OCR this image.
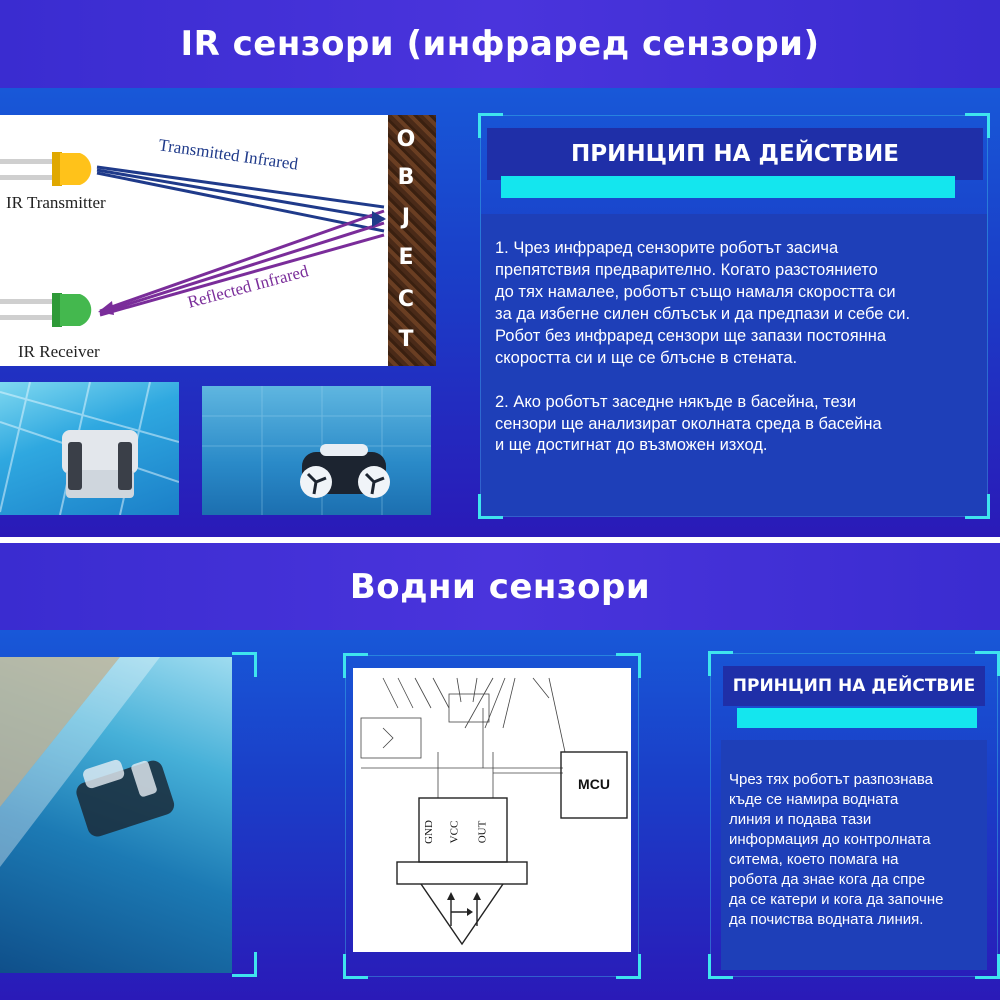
IR сензори (инфраред сензори)
Transmitted Infrared
Reflected Infrared
IR Transmitter
IR Receiver
O
B
J
E
C
T
ПРИНЦИП НА ДЕЙСТВИЕ
1. Чрез инфраред сензорите роботът засича
препятствия предварително. Когато разстоянието
до тях намалее, роботът също намаля скоростта си
за да избегне силен сблъсък и да предпази и себе си.
Робот без инфраред сензори ще запази постоянна
скоростта си и ще се блъсне в стената.

2. Ако роботът заседне някъде в басейна, тези
сензори ще анализират околната среда в басейна
и ще достигнат до възможен изход.
Водни сензори
MCU
GND VCC OUT
ПРИНЦИП НА ДЕЙСТВИЕ
Чрез тях роботът разпознава
къде се намира водната
линия и подава тази
информация до контролната
ситема, което помага на
робота да знае кога да спре
да се катери и кога да започне
да почиства водната линия.
